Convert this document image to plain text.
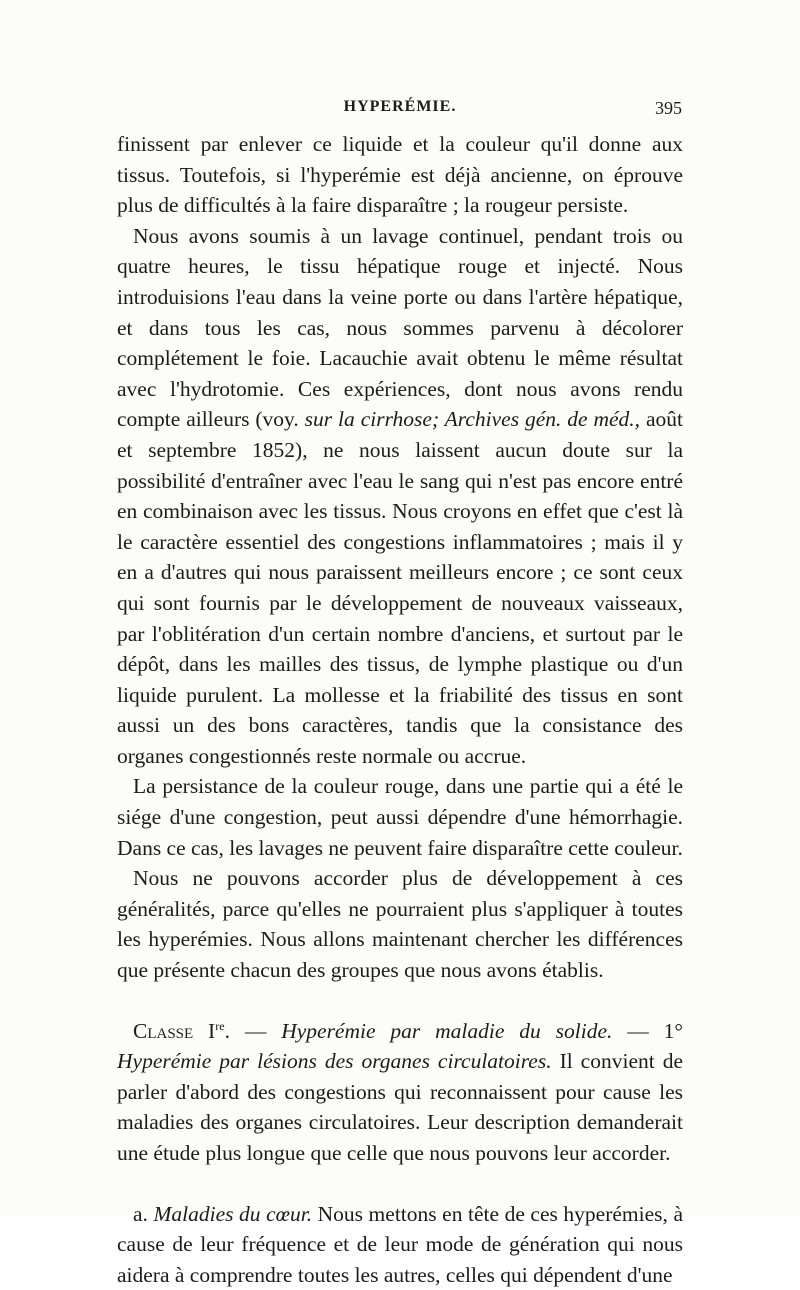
HYPERÉMIE.	395

finissent par enlever ce liquide et la couleur qu'il donne aux tissus. Toutefois, si l'hyperémie est déjà ancienne, on éprouve plus de difficultés à la faire disparaître ; la rougeur persiste.

Nous avons soumis à un lavage continuel, pendant trois ou quatre heures, le tissu hépatique rouge et injecté. Nous introduisions l'eau dans la veine porte ou dans l'artère hépatique, et dans tous les cas, nous sommes parvenu à décolorer complétement le foie. Lacauchie avait obtenu le même résultat avec l'hydrotomie. Ces expériences, dont nous avons rendu compte ailleurs (voy. sur la cirrhose; Archives gén. de méd., août et septembre 1852), ne nous laissent aucun doute sur la possibilité d'entraîner avec l'eau le sang qui n'est pas encore entré en combinaison avec les tissus. Nous croyons en effet que c'est là le caractère essentiel des congestions inflammatoires ; mais il y en a d'autres qui nous paraissent meilleurs encore ; ce sont ceux qui sont fournis par le développement de nouveaux vaisseaux, par l'oblitération d'un certain nombre d'anciens, et surtout par le dépôt, dans les mailles des tissus, de lymphe plastique ou d'un liquide purulent. La mollesse et la friabilité des tissus en sont aussi un des bons caractères, tandis que la consistance des organes congestionnés reste normale ou accrue.

La persistance de la couleur rouge, dans une partie qui a été le siége d'une congestion, peut aussi dépendre d'une hémorrhagie. Dans ce cas, les lavages ne peuvent faire disparaître cette couleur.

Nous ne pouvons accorder plus de développement à ces généralités, parce qu'elles ne pourraient plus s'appliquer à toutes les hyperémies. Nous allons maintenant chercher les différences que présente chacun des groupes que nous avons établis.

Classe Ire. — Hyperémie par maladie du solide. — 1° Hyperémie par lésions des organes circulatoires. Il convient de parler d'abord des congestions qui reconnaissent pour cause les maladies des organes circulatoires. Leur description demanderait une étude plus longue que celle que nous pouvons leur accorder.

a. Maladies du cœur. Nous mettons en tête de ces hyperémies, à cause de leur fréquence et de leur mode de génération qui nous aidera à comprendre toutes les autres, celles qui dépendent d'une
